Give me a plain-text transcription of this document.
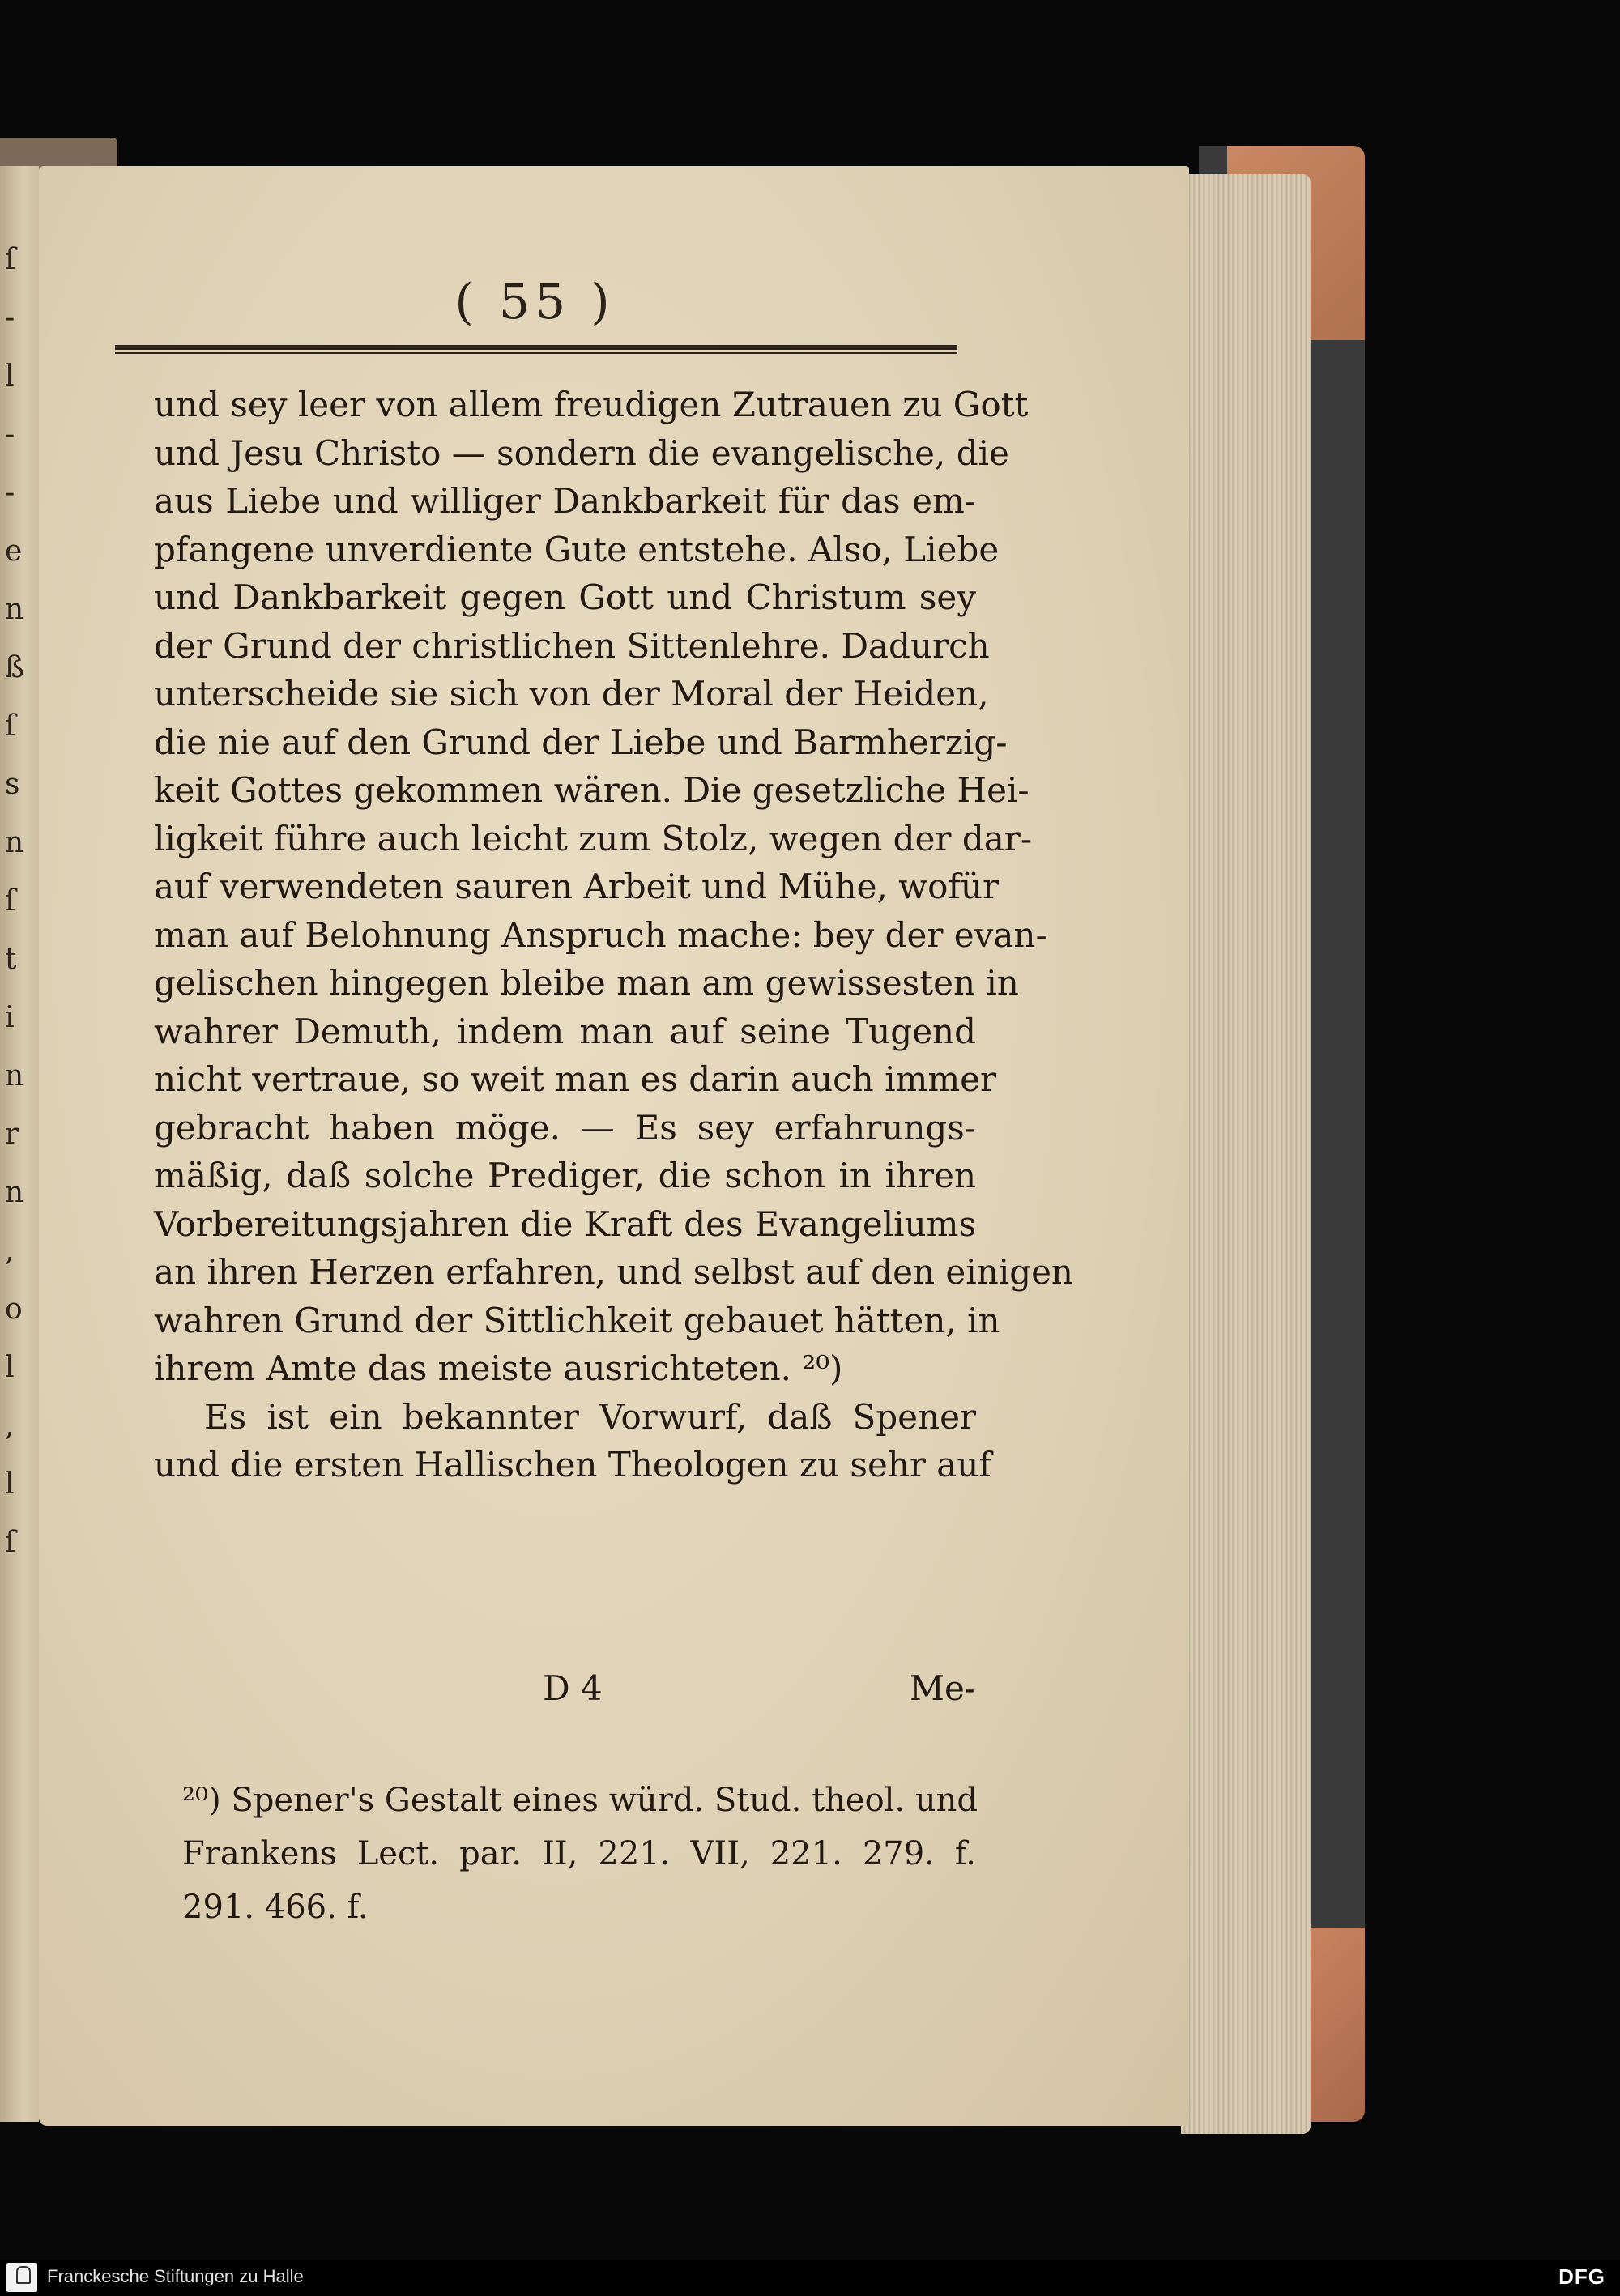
ſ
-
l
-
-
e
n
ß
ſ
s
n
ſ
t
i
n
r
n
,
o
l
,
l
ſ
( 55 )
und sey leer von allem freudigen Zutrauen zu Gott
und Jesu Christo — sondern die evangelische, die
aus Liebe und williger Dankbarkeit für das em-
pfangene unverdiente Gute entstehe. Also, Liebe
und Dankbarkeit gegen Gott und Christum sey
der Grund der christlichen Sittenlehre. Dadurch
unterscheide sie sich von der Moral der Heiden,
die nie auf den Grund der Liebe und Barmherzig-
keit Gottes gekommen wären. Die gesetzliche Hei-
ligkeit führe auch leicht zum Stolz, wegen der dar-
auf verwendeten sauren Arbeit und Mühe, wofür
man auf Belohnung Anspruch mache: bey der evan-
gelischen hingegen bleibe man am gewissesten in
wahrer Demuth, indem man auf seine Tugend
nicht vertraue, so weit man es darin auch immer
gebracht haben möge. — Es sey erfahrungs-
mäßig, daß solche Prediger, die schon in ihren
Vorbereitungsjahren die Kraft des Evangeliums
an ihren Herzen erfahren, und selbst auf den einigen
wahren Grund der Sittlichkeit gebauet hätten, in
ihrem Amte das meiste ausrichteten. ²⁰)
Es ist ein bekannter Vorwurf, daß Spener
und die ersten Hallischen Theologen zu sehr auf
D 4	Me-
²⁰) Spener's Gestalt eines würd. Stud. theol. und
Frankens Lect. par. II, 221. VII, 221. 279. f.
291. 466. f.
Franckesche Stiftungen zu Halle	DFG
